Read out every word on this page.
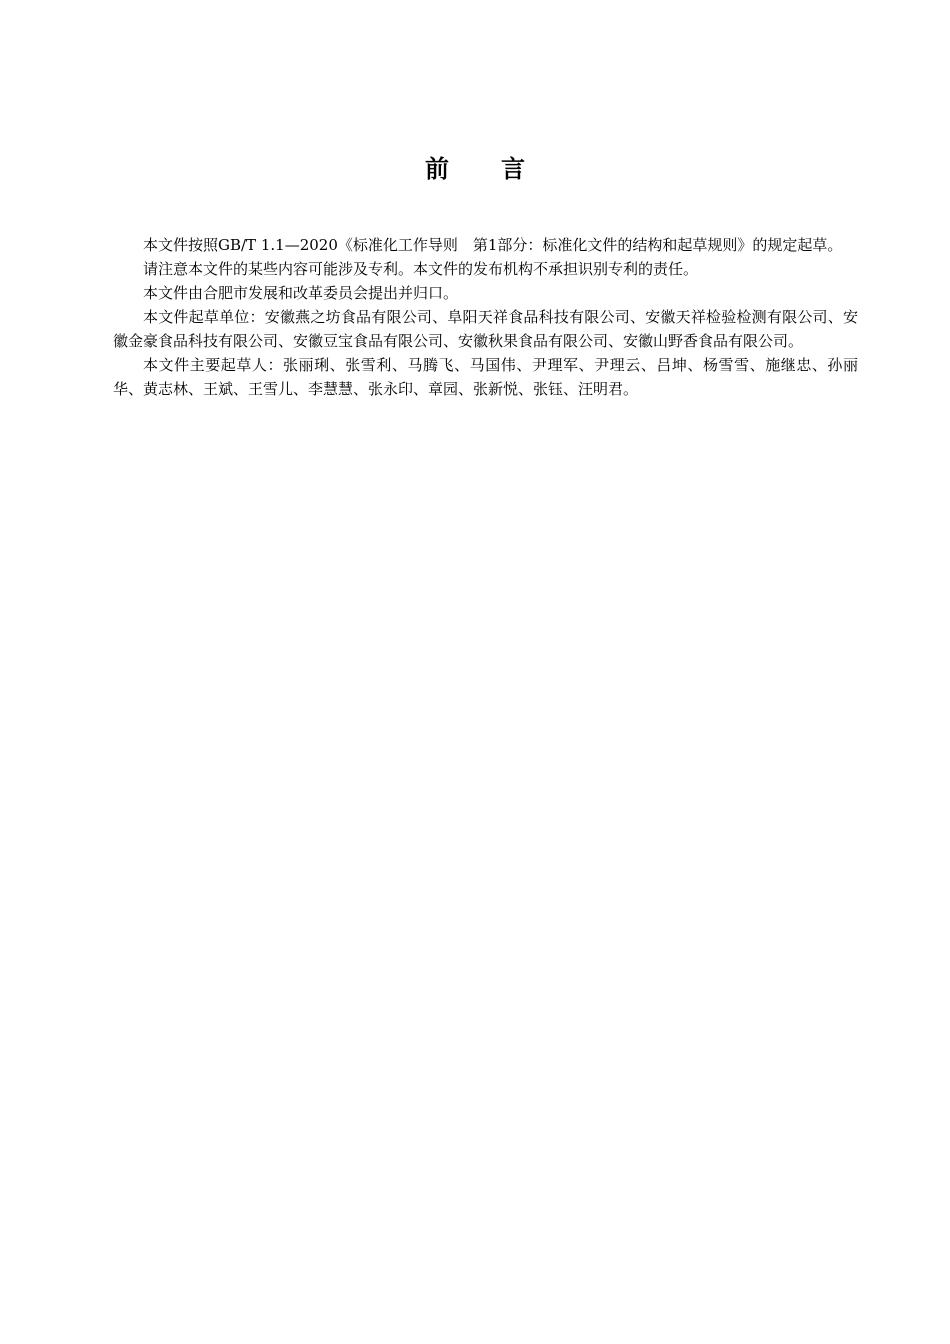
前 言

本文件按照GB/T 1.1—2020《标准化工作导则　第1部分：标准化文件的结构和起草规则》的规定起草。

请注意本文件的某些内容可能涉及专利。本文件的发布机构不承担识别专利的责任。

本文件由合肥市发展和改革委员会提出并归口。

本文件起草单位：安徽燕之坊食品有限公司、阜阳天祥食品科技有限公司、安徽天祥检验检测有限公司、安徽金豪食品科技有限公司、安徽豆宝食品有限公司、安徽秋果食品有限公司、安徽山野香食品有限公司。

本文件主要起草人：张丽琍、张雪利、马腾飞、马国伟、尹理军、尹理云、吕坤、杨雪雪、施继忠、孙丽华、黄志林、王斌、王雪儿、李慧慧、张永印、章园、张新悦、张钰、汪明君。
